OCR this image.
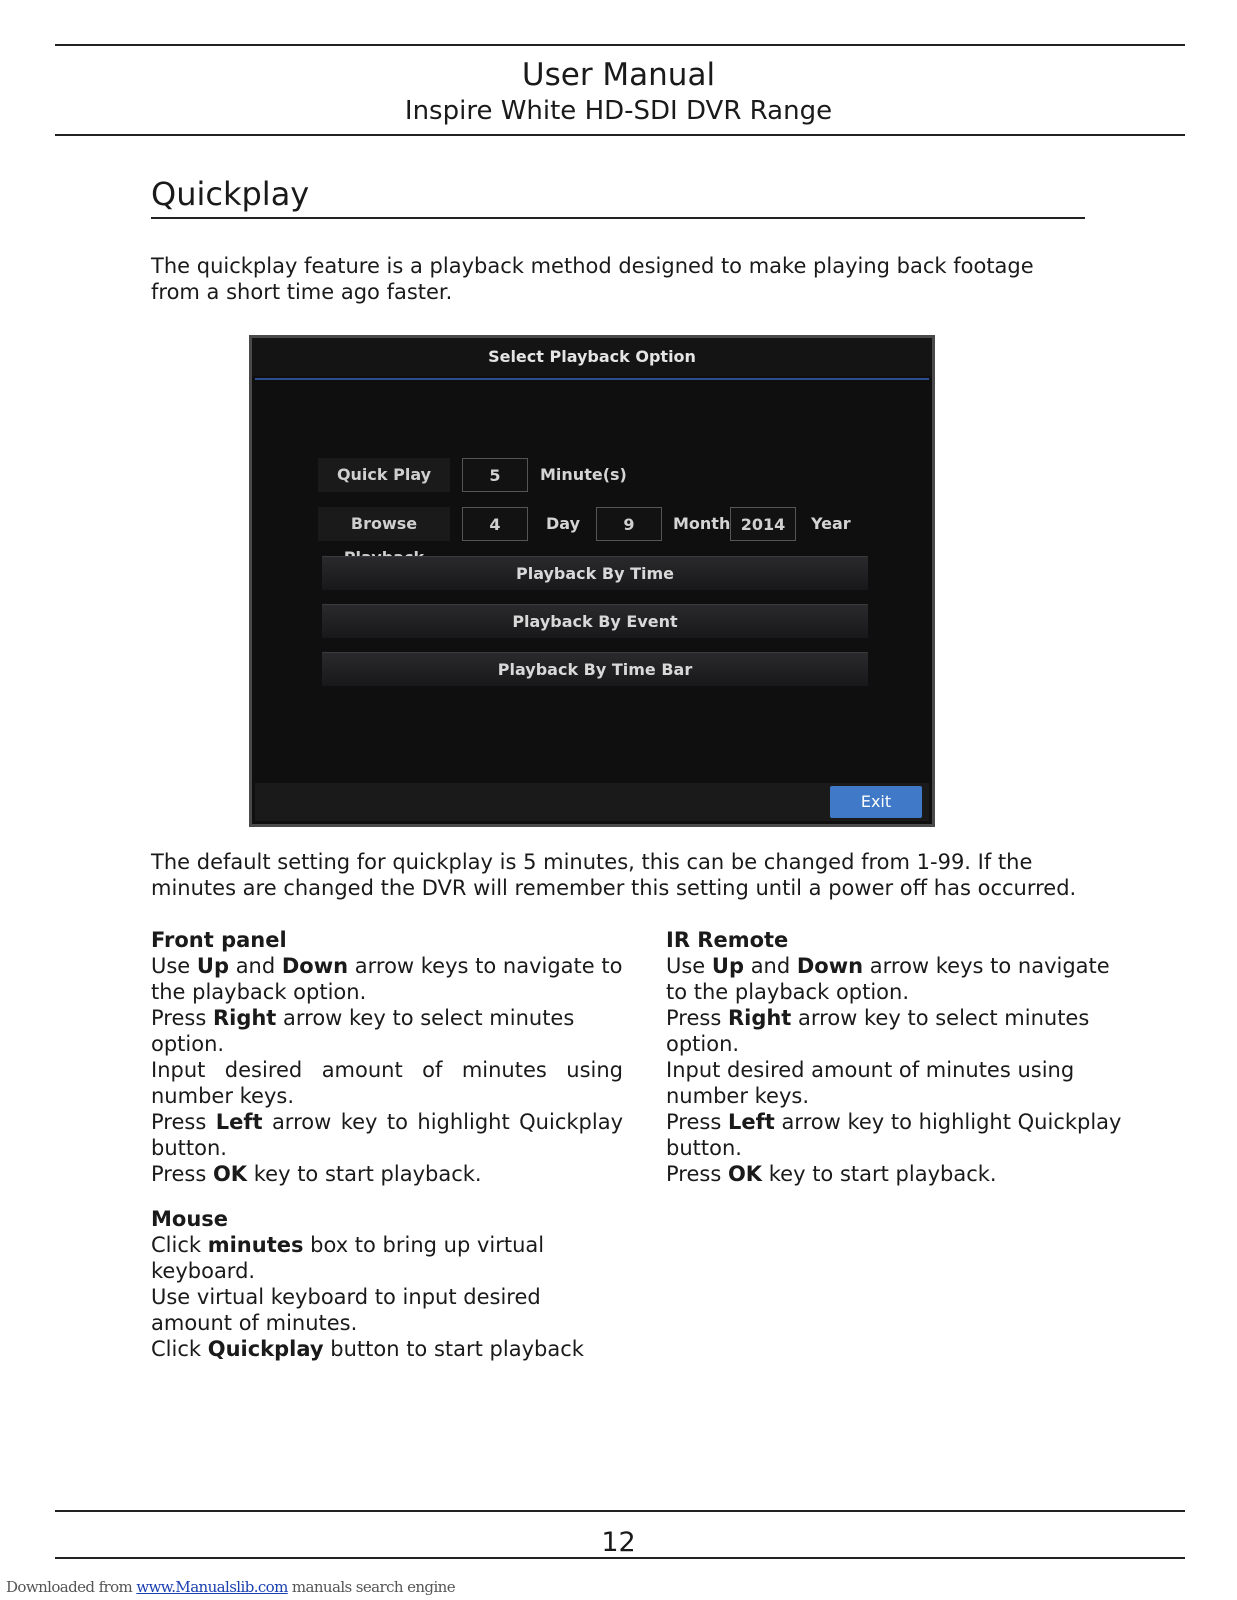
User Manual
Inspire White HD-SDI DVR Range
Quickplay
The quickplay feature is a playback method designed to make playing back footage from a short time ago faster.
Select Playback Option
Quick Play	5	Minute(s)
Browse	4	Day	9	Month 2014	Year
Playback By Time
Playback By Event
Playback By Time Bar
Exit
The default setting for quickplay is 5 minutes, this can be changed from 1-99. If the minutes are changed the DVR will remember this setting until a power off has occurred.
Front panel

Use Up and Down arrow keys to navigate to the playback option.

Press Right arrow key to select minutes option.

Input desired amount of minutes using number keys.

Press Left arrow key to highlight Quickplay button.

Press OK key to start playback.

IR Remote

Use Up and Down arrow keys to navigate to the playback option.

Press Right arrow key to select minutes option.

Input desired amount of minutes using number keys.

Press Left arrow key to highlight Quickplay button.

Press OK key to start playback.

Mouse

Click minutes box to bring up virtual keyboard.

Use virtual keyboard to input desired amount of minutes.

Click Quickplay button to start playback

12
Downloaded from www.Manualslib.com manuals search engine
